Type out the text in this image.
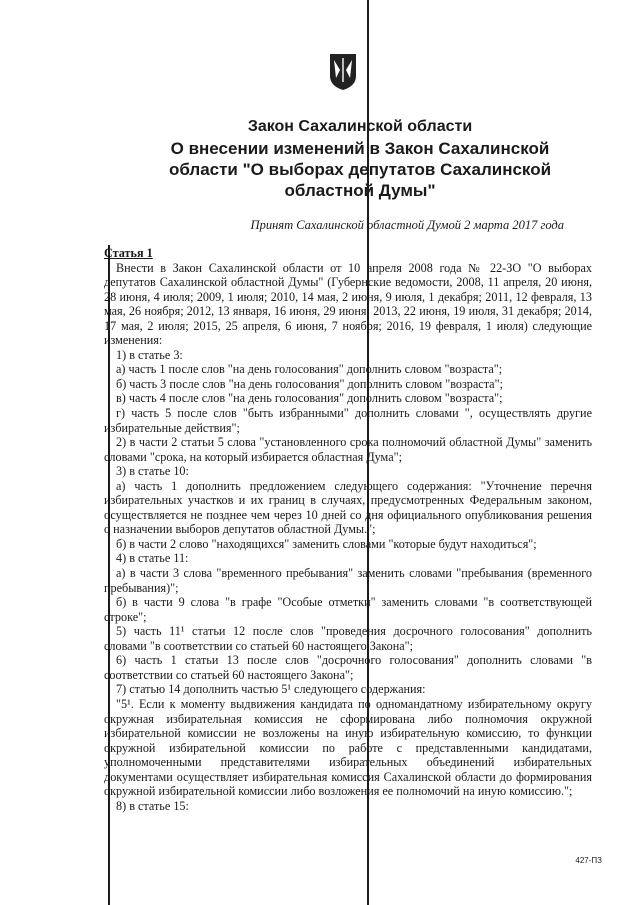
Закон Сахалинской области
О внесении изменений в Закон Сахалинской
области "О выборах депутатов Сахалинской
областной Думы"
Принят Сахалинской областной Думой 2 марта 2017 года

Статья 1

Внести в Закон Сахалинской области от 10 апреля 2008 года № 22-ЗО "О выборах депутатов Сахалинской областной Думы" (Губернские ведомости, 2008, 11 апреля, 20 июня, 28 июня, 4 июля; 2009, 1 июля; 2010, 14 мая, 2 июня, 9 июля, 1 декабря; 2011, 12 февраля, 13 мая, 26 ноября; 2012, 13 января, 16 июня, 29 июня; 2013, 22 июня, 19 июля, 31 декабря; 2014, 17 мая, 2 июля; 2015, 25 апреля, 6 июня, 7 ноября; 2016, 19 февраля, 1 июля) следующие изменения:

1) в статье 3:

а) часть 1 после слов "на день голосования" дополнить словом "возраста";

б) часть 3 после слов "на день голосования" дополнить словом "возраста";

в) часть 4 после слов "на день голосования" дополнить словом "возраста";

г) часть 5 после слов "быть избранными" дополнить словами ", осуществлять другие избирательные действия";

2) в части 2 статьи 5 слова "установленного срока полномочий областной Думы" заменить словами "срока, на который избирается областная Дума";

3) в статье 10:

а) часть 1 дополнить предложением следующего содержания: "Уточнение перечня избирательных участков и их границ в случаях, предусмотренных Федеральным законом, осуществляется не позднее чем через 10 дней со дня официального опубликования решения о назначении выборов депутатов областной Думы.";

б) в части 2 слово "находящихся" заменить словами "которые будут находиться";

4) в статье 11:

а) в части 3 слова "временного пребывания" заменить словами "пребывания (временного пребывания)";

б) в части 9 слова "в графе "Особые отметки" заменить словами "в соответствующей строке";

5) часть 11¹ статьи 12 после слов "проведения досрочного голосования" дополнить словами "в соответствии со статьей 60 настоящего Закона";

6) часть 1 статьи 13 после слов "досрочного голосования" дополнить словами "в соответствии со статьей 60 настоящего Закона";

7) статью 14 дополнить частью 5¹ следующего содержания:

"5¹. Если к моменту выдвижения кандидата по одномандатному избирательному округу окружная избирательная комиссия не сформирована либо полномочия окружной избирательной комиссии не возложены на иную избирательную комиссию, то функции окружной избирательной комиссии по работе с представленными кандидатами, уполномоченными представителями избирательных объединений избирательных документами осуществляет избирательная комиссия Сахалинской области до формирования окружной избирательной комиссии либо возложения ее полномочий на иную комиссию.";

8) в статье 15:

427-ПЗ
